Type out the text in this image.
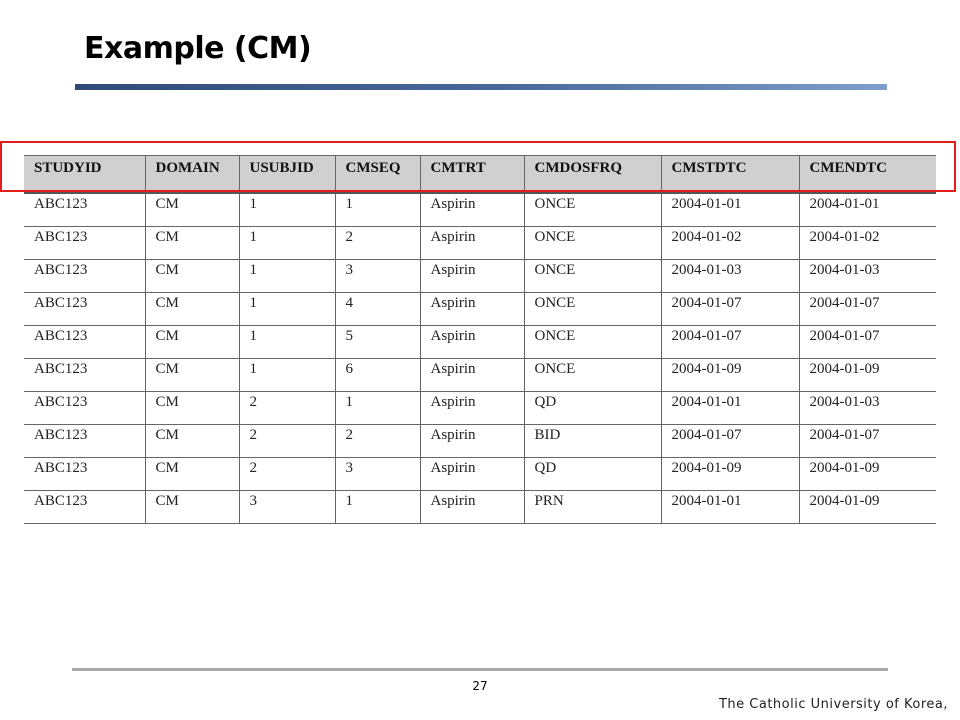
Example (CM)
STUDYID	DOMAIN	USUBJID	CMSEQ	CMTRT	CMDOSFRQ	CMSTDTC	CMENDTC
ABC123	CM	1	1	Aspirin	ONCE	2004-01-01	2004-01-01
ABC123	CM	1	2	Aspirin	ONCE	2004-01-02	2004-01-02
ABC123	CM	1	3	Aspirin	ONCE	2004-01-03	2004-01-03
ABC123	CM	1	4	Aspirin	ONCE	2004-01-07	2004-01-07
ABC123	CM	1	5	Aspirin	ONCE	2004-01-07	2004-01-07
ABC123	CM	1	6	Aspirin	ONCE	2004-01-09	2004-01-09
ABC123	CM	2	1	Aspirin	QD	2004-01-01	2004-01-03
ABC123	CM	2	2	Aspirin	BID	2004-01-07	2004-01-07
ABC123	CM	2	3	Aspirin	QD	2004-01-09	2004-01-09
ABC123	CM	3	1	Aspirin	PRN	2004-01-01	2004-01-09
27
The Catholic University of Korea,
